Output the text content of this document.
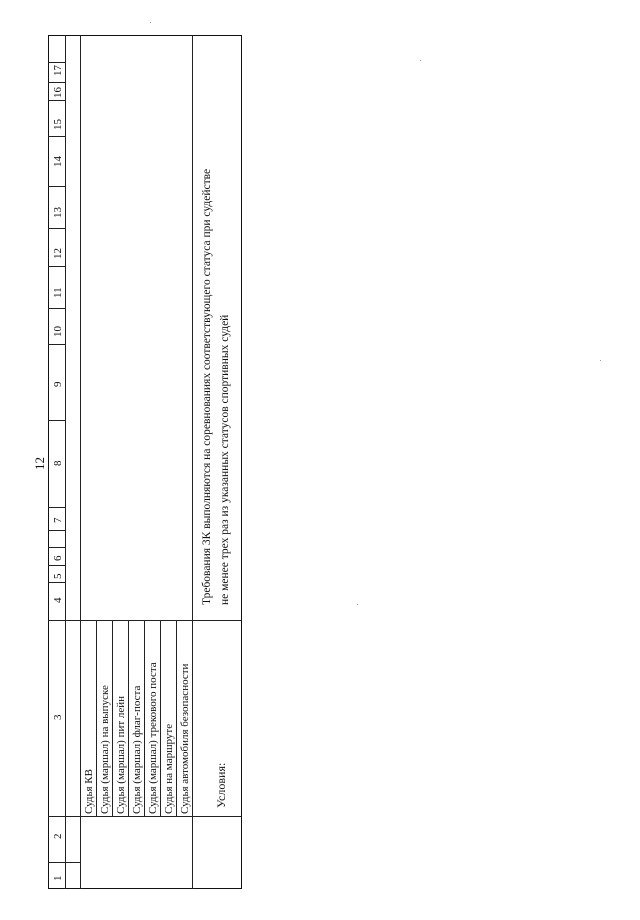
12
1
2
3
4
5
6
7
8
9
10
11
12
13
14
15
16
17
Судья КВ Судья (маршал) на выпуске Судья (маршал) пит лейн Судья (маршал) флаг-поста Судья (маршал) трекового поста Судья на маршруте Судья автомобиля безопасности Условия:
Требования 3К выполняются на соревнованиях соответствующего статуса при судействе не менее трех раз из указанных статусов спортивных судей
